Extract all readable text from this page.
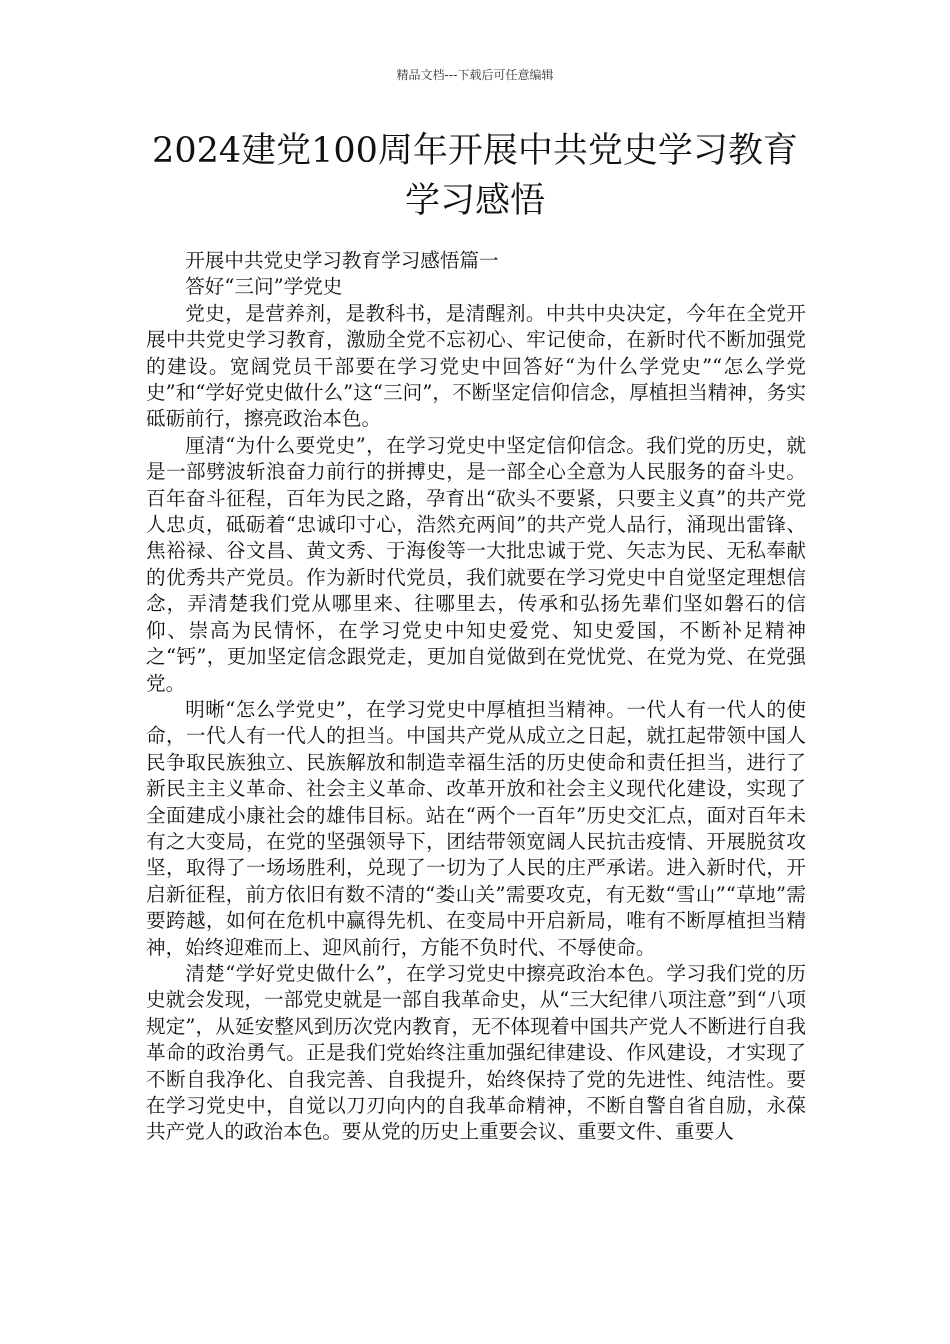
精品文档---下载后可任意编辑
2024建党100周年开展中共党史学习教育
学习感悟

开展中共党史学习教育学习感悟篇一

答好“三问”学党史

党史，是营养剂，是教科书，是清醒剂。中共中央决定，今年在全党开展中共党史学习教育，激励全党不忘初心、牢记使命，在新时代不断加强党的建设。宽阔党员干部要在学习党史中回答好“为什么学党史”“怎么学党史”和“学好党史做什么”这“三问”，不断坚定信仰信念，厚植担当精神，务实砥砺前行，擦亮政治本色。

厘清“为什么要党史”，在学习党史中坚定信仰信念。我们党的历史，就是一部劈波斩浪奋力前行的拼搏史，是一部全心全意为人民服务的奋斗史。百年奋斗征程，百年为民之路，孕育出“砍头不要紧，只要主义真”的共产党人忠贞，砥砺着“忠诚印寸心，浩然充两间”的共产党人品行，涌现出雷锋、焦裕禄、谷文昌、黄文秀、于海俊等一大批忠诚于党、矢志为民、无私奉献的优秀共产党员。作为新时代党员，我们就要在学习党史中自觉坚定理想信念，弄清楚我们党从哪里来、往哪里去，传承和弘扬先辈们坚如磐石的信仰、崇高为民情怀，在学习党史中知史爱党、知史爱国，不断补足精神之“钙”，更加坚定信念跟党走，更加自觉做到在党忧党、在党为党、在党强党。

明晰“怎么学党史”，在学习党史中厚植担当精神。一代人有一代人的使命，一代人有一代人的担当。中国共产党从成立之日起，就扛起带领中国人民争取民族独立、民族解放和制造幸福生活的历史使命和责任担当，进行了新民主主义革命、社会主义革命、改革开放和社会主义现代化建设，实现了全面建成小康社会的雄伟目标。站在“两个一百年”历史交汇点，面对百年未有之大变局，在党的坚强领导下，团结带领宽阔人民抗击疫情、开展脱贫攻坚，取得了一场场胜利，兑现了一切为了人民的庄严承诺。进入新时代，开启新征程，前方依旧有数不清的“娄山关”需要攻克，有无数“雪山”“草地”需要跨越，如何在危机中赢得先机、在变局中开启新局，唯有不断厚植担当精神，始终迎难而上、迎风前行，方能不负时代、不辱使命。

清楚“学好党史做什么”，在学习党史中擦亮政治本色。学习我们党的历史就会发现，一部党史就是一部自我革命史，从“三大纪律八项注意”到“八项规定”，从延安整风到历次党内教育，无不体现着中国共产党人不断进行自我革命的政治勇气。正是我们党始终注重加强纪律建设、作风建设，才实现了不断自我净化、自我完善、自我提升，始终保持了党的先进性、纯洁性。要在学习党史中，自觉以刀刃向内的自我革命精神，不断自警自省自励，永葆共产党人的政治本色。要从党的历史上重要会议、重要文件、重要人
